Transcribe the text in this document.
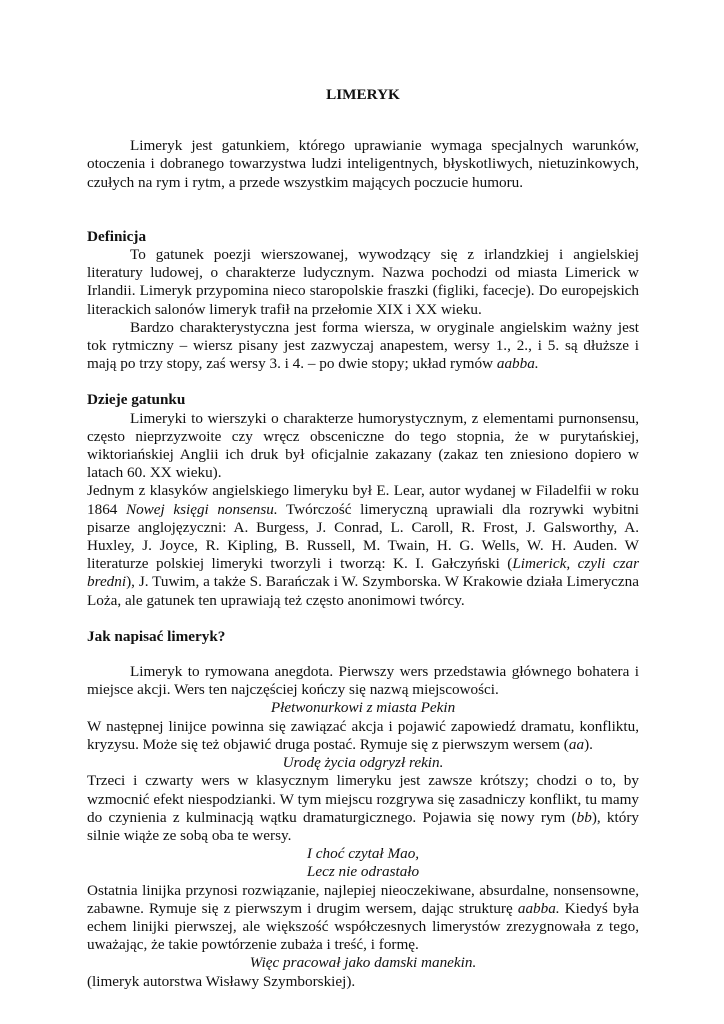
LIMERYK

Limeryk jest gatunkiem, którego uprawianie wymaga specjalnych warunków, otoczenia i dobranego towarzystwa ludzi inteligentnych, błyskotliwych, nietuzinkowych, czułych na rym i rytm, a przede wszystkim mających poczucie humoru.

Definicja

To gatunek poezji wierszowanej, wywodzący się z irlandzkiej i angielskiej literatury ludowej, o charakterze ludycznym. Nazwa pochodzi od miasta Limerick w Irlandii. Limeryk przypomina nieco staropolskie fraszki (figliki, facecje). Do europejskich literackich salonów limeryk trafił na przełomie XIX i XX wieku.

Bardzo charakterystyczna jest forma wiersza, w oryginale angielskim ważny jest tok rytmiczny – wiersz pisany jest zazwyczaj anapestem, wersy 1., 2., i 5. są dłuższe i mają po trzy stopy, zaś wersy 3. i 4. – po dwie stopy; układ rymów aabba.

Dzieje gatunku

Limeryki to wierszyki o charakterze humorystycznym, z elementami purnonsensu, często nieprzyzwoite czy wręcz obsceniczne do tego stopnia, że w purytańskiej, wiktoriańskiej Anglii ich druk był oficjalnie zakazany (zakaz ten zniesiono dopiero w latach 60. XX wieku).

Jednym z klasyków angielskiego limeryku był E. Lear, autor wydanej w Filadelfii w roku 1864 Nowej księgi nonsensu. Twórczość limeryczną uprawiali dla rozrywki wybitni pisarze anglojęzyczni: A. Burgess, J. Conrad, L. Caroll, R. Frost, J. Galsworthy, A. Huxley, J. Joyce, R. Kipling, B. Russell, M. Twain, H. G. Wells, W. H. Auden. W literaturze polskiej limeryki tworzyli i tworzą: K. I. Gałczyński (Limerick, czyli czar bredni), J. Tuwim, a także S. Barańczak i W. Szymborska. W Krakowie działa Limeryczna Loża, ale gatunek ten uprawiają też często anonimowi twórcy.

Jak napisać limeryk?

Limeryk to rymowana anegdota. Pierwszy wers przedstawia głównego bohatera i miejsce akcji. Wers ten najczęściej kończy się nazwą miejscowości.

Płetwonurkowi z miasta Pekin

W następnej linijce powinna się zawiązać akcja i pojawić zapowiedź dramatu, konfliktu, kryzysu. Może się też objawić druga postać. Rymuje się z pierwszym wersem (aa).

Urodę życia odgryzł rekin.

Trzeci i czwarty wers w klasycznym limeryku jest zawsze krótszy; chodzi o to, by wzmocnić efekt niespodzianki. W tym miejscu rozgrywa się zasadniczy konflikt, tu mamy do czynienia z kulminacją wątku dramaturgicznego. Pojawia się nowy rym (bb), który silnie wiąże ze sobą oba te wersy.

I choć czytał Mao,

Lecz nie odrastało

Ostatnia linijka przynosi rozwiązanie, najlepiej nieoczekiwane, absurdalne, nonsensowne, zabawne. Rymuje się z pierwszym i drugim wersem, dając strukturę aabba. Kiedyś była echem linijki pierwszej, ale większość współczesnych limerystów zrezygnowała z tego, uważając, że takie powtórzenie zubaża i treść, i formę.

Więc pracował jako damski manekin.

(limeryk autorstwa Wisławy Szymborskiej).
